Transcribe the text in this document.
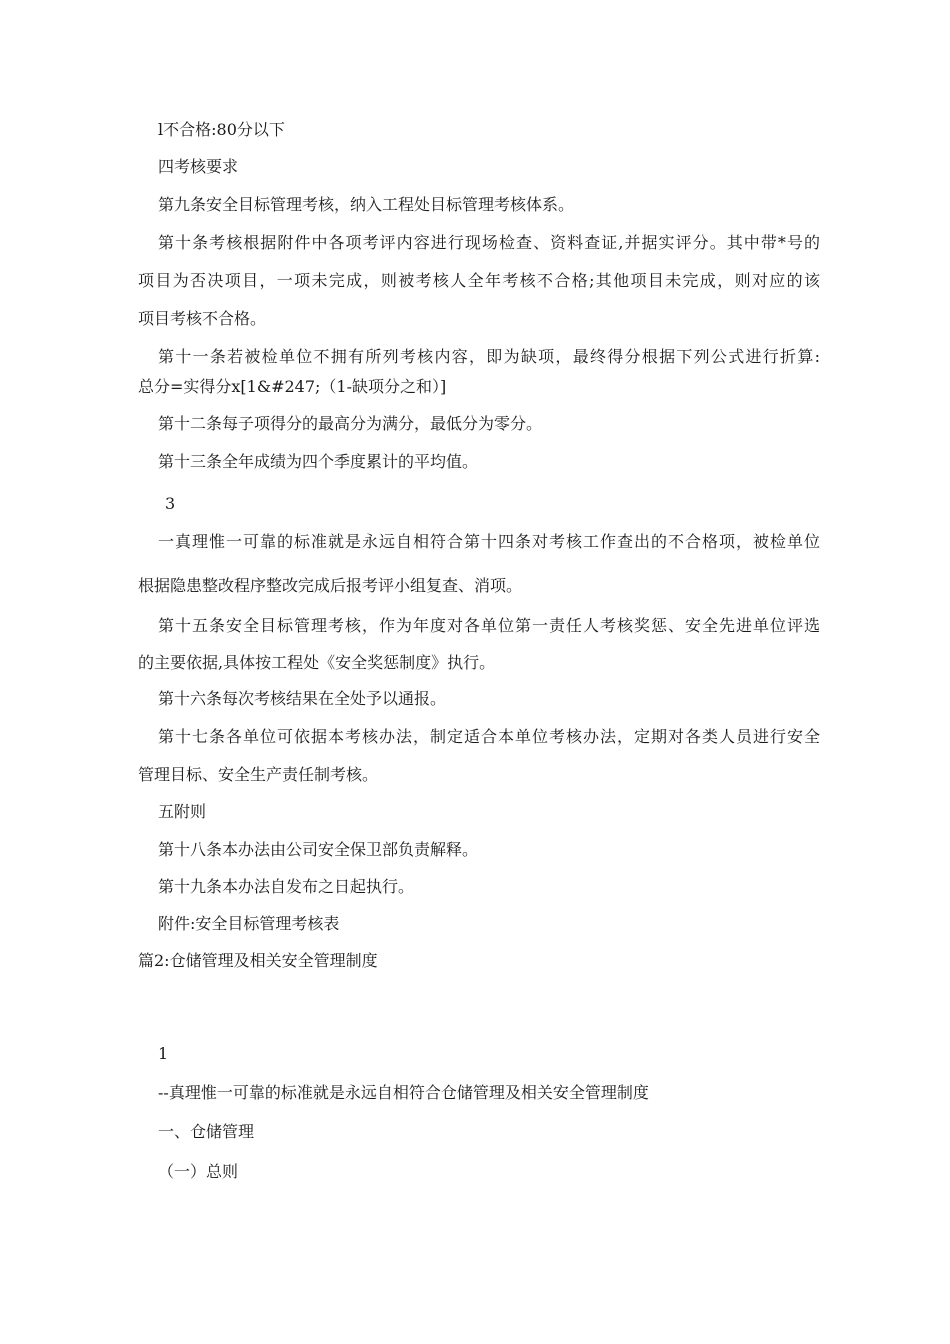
l不合格:80分以下

四考核要求

第九条安全目标管理考核，纳入工程处目标管理考核体系。

第十条考核根据附件中各项考评内容进行现场检查、资料查证,并据实评分。其中带*号的

项目为否决项目，一项未完成，则被考核人全年考核不合格;其他项目未完成，则对应的该

项目考核不合格。

第十一条若被检单位不拥有所列考核内容，即为缺项，最终得分根据下列公式进行折算:

总分=实得分x[1&#247;（1-缺项分之和）]

第十二条每子项得分的最高分为满分，最低分为零分。

第十三条全年成绩为四个季度累计的平均值。

3

一真理惟一可靠的标准就是永远自相符合第十四条对考核工作查出的不合格项，被检单位

根据隐患整改程序整改完成后报考评小组复查、消项。

第十五条安全目标管理考核，作为年度对各单位第一责任人考核奖惩、安全先进单位评选

的主要依据,具体按工程处《安全奖惩制度》执行。

第十六条每次考核结果在全处予以通报。

第十七条各单位可依据本考核办法，制定适合本单位考核办法，定期对各类人员进行安全

管理目标、安全生产责任制考核。

五附则

第十八条本办法由公司安全保卫部负责解释。

第十九条本办法自发布之日起执行。

附件:安全目标管理考核表

篇2:仓储管理及相关安全管理制度

1

--真理惟一可靠的标准就是永远自相符合仓储管理及相关安全管理制度

一、仓储管理

（一）总则
